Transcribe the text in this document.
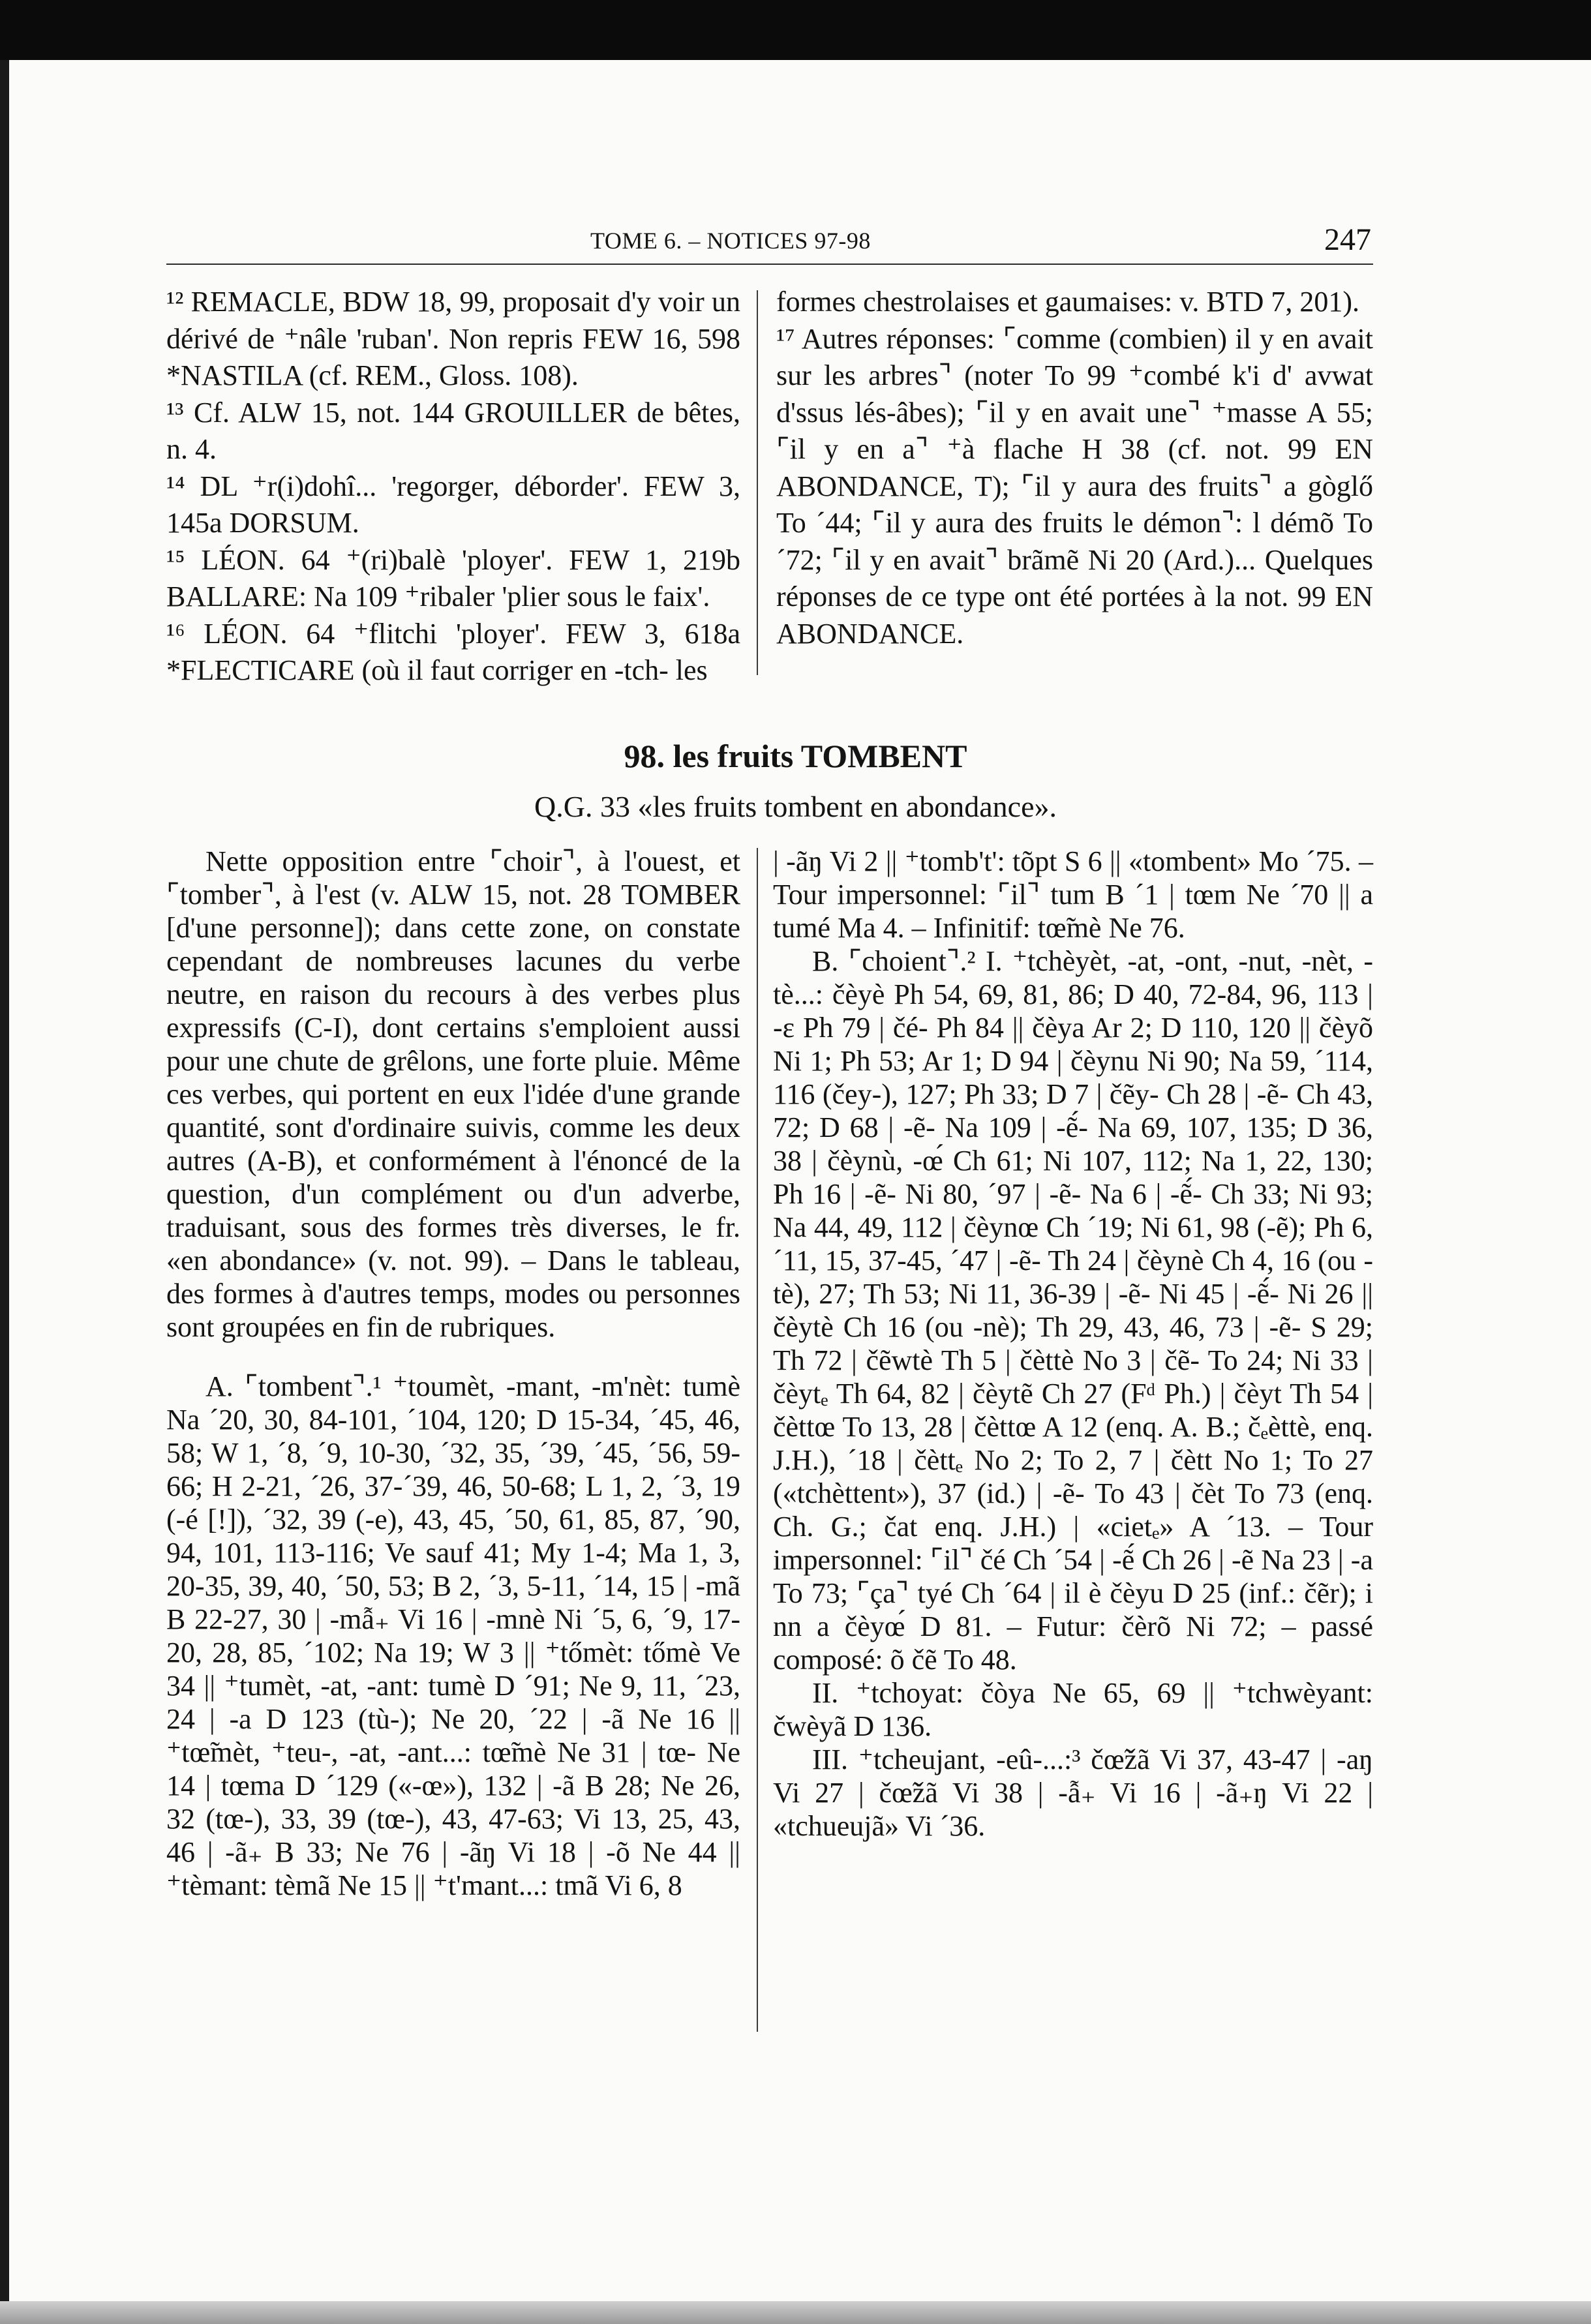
TOME 6. – NOTICES 97-98	247

¹² REMACLE, BDW 18, 99, proposait d'y voir un dérivé de ⁺nâle 'ruban'. Non repris FEW 16, 598 *NASTILA (cf. REM., Gloss. 108).

¹³ Cf. ALW 15, not. 144 GROUILLER de bêtes, n. 4.

¹⁴ DL ⁺r(i)dohî... 'regorger, déborder'. FEW 3, 145a DORSUM.

¹⁵ LÉON. 64 ⁺(ri)balè 'ployer'. FEW 1, 219b BALLARE: Na 109 ⁺ribaler 'plier sous le faix'.

¹⁶ LÉON. 64 ⁺flitchi 'ployer'. FEW 3, 618a *FLECTICARE (où il faut corriger en -tch- les

formes chestrolaises et gaumaises: v. BTD 7, 201).

¹⁷ Autres réponses: ⌜comme (combien) il y en avait sur les arbres⌝ (noter To 99 ⁺combé k'i d' avwat d'ssus lés-âbes); ⌜il y en avait une⌝ ⁺masse A 55; ⌜il y en a⌝ ⁺à flache H 38 (cf. not. 99 EN ABONDANCE, T); ⌜il y aura des fruits⌝ a gòglő To ´44; ⌜il y aura des fruits le démon⌝: l démõ To ´72; ⌜il y en avait⌝ brãmẽ Ni 20 (Ard.)... Quelques réponses de ce type ont été portées à la not. 99 EN ABONDANCE.

98. les fruits TOMBENT
Q.G. 33 «les fruits tombent en abondance».

Nette opposition entre ⌜choir⌝, à l'ouest, et ⌜tomber⌝, à l'est (v. ALW 15, not. 28 TOMBER [d'une personne]); dans cette zone, on constate cependant de nombreuses lacunes du verbe neutre, en raison du recours à des verbes plus expressifs (C-I), dont certains s'emploient aussi pour une chute de grêlons, une forte pluie. Même ces verbes, qui portent en eux l'idée d'une grande quantité, sont d'ordinaire suivis, comme les deux autres (A-B), et conformément à l'énoncé de la question, d'un complément ou d'un adverbe, traduisant, sous des formes très diverses, le fr. «en abondance» (v. not. 99). – Dans le tableau, des formes à d'autres temps, modes ou personnes sont groupées en fin de rubriques.

A. ⌜tombent⌝.¹ ⁺toumèt, -mant, -m'nèt: tumè Na ´20, 30, 84-101, ´104, 120; D 15-34, ´45, 46, 58; W 1, ´8, ´9, 10-30, ´32, 35, ´39, ´45, ´56, 59-66; H 2-21, ´26, 37-´39, 46, 50-68; L 1, 2, ´3, 19 (-é [!]), ´32, 39 (-e), 43, 45, ´50, 61, 85, 87, ´90, 94, 101, 113-116; Ve sauf 41; My 1-4; Ma 1, 3, 20-35, 39, 40, ´50, 53; B 2, ´3, 5-11, ´14, 15 | -mã B 22-27, 30 | -mẫ₊ Vi 16 | -mnè Ni ´5, 6, ´9, 17-20, 28, 85, ´102; Na 19; W 3 || ⁺tőmèt: tőmè Ve 34 || ⁺tumèt, -at, -ant: tumè D ´91; Ne 9, 11, ´23, 24 | -a D 123 (tù-); Ne 20, ´22 | -ã Ne 16 || ⁺tœ̃mèt, ⁺teu-, -at, -ant...: tœ̃mè Ne 31 | tœ- Ne 14 | tœma D ´129 («-œ»), 132 | -ã B 28; Ne 26, 32 (tœ-), 33, 39 (tœ-), 43, 47-63; Vi 13, 25, 43, 46 | -ã₊ B 33; Ne 76 | -ãŋ Vi 18 | -õ Ne 44 || ⁺tèmant: tèmã Ne 15 || ⁺t'mant...: tmã Vi 6, 8

| -ãŋ Vi 2 || ⁺tomb't': tõpt S 6 || «tombent» Mo ´75. – Tour impersonnel: ⌜il⌝ tum B ´1 | tœm Ne ´70 || a tumé Ma 4. – Infinitif: tœ̃mè Ne 76.

B. ⌜choient⌝.² I. ⁺tchèyèt, -at, -ont, -nut, -nèt, -tè...: čèyè Ph 54, 69, 81, 86; D 40, 72-84, 96, 113 | -ɛ Ph 79 | čé- Ph 84 || čèya Ar 2; D 110, 120 || čèyõ Ni 1; Ph 53; Ar 1; D 94 | čèynu Ni 90; Na 59, ´114, 116 (čey-), 127; Ph 33; D 7 | čẽy- Ch 28 | -ẽ- Ch 43, 72; D 68 | -ẽ- Na 109 | -ẽ́- Na 69, 107, 135; D 36, 38 | čèynù, -œ́ Ch 61; Ni 107, 112; Na 1, 22, 130; Ph 16 | -ẽ- Ni 80, ´97 | -ẽ- Na 6 | -ẽ́- Ch 33; Ni 93; Na 44, 49, 112 | čèynœ Ch ´19; Ni 61, 98 (-ẽ); Ph 6, ´11, 15, 37-45, ´47 | -ẽ- Th 24 | čèynè Ch 4, 16 (ou -tè), 27; Th 53; Ni 11, 36-39 | -ẽ- Ni 45 | -ẽ́- Ni 26 || čèytè Ch 16 (ou -nè); Th 29, 43, 46, 73 | -ẽ- S 29; Th 72 | čẽwtè Th 5 | čèttè No 3 | čẽ- To 24; Ni 33 | čèytₑ Th 64, 82 | čèytẽ Ch 27 (Fᵈ Ph.) | čèyt Th 54 | čèttœ To 13, 28 | čèttœ A 12 (enq. A. B.; čₑèttè, enq. J.H.), ´18 | čèttₑ No 2; To 2, 7 | čètt No 1; To 27 («tchèttent»), 37 (id.) | -ẽ- To 43 | čèt To 73 (enq. Ch. G.; čat enq. J.H.) | «cietₑ» A ´13. – Tour impersonnel: ⌜il⌝ čé Ch ´54 | -ẽ́ Ch 26 | -ẽ Na 23 | -a To 73; ⌜ça⌝ tyé Ch ´64 | il è čèyu D 25 (inf.: čẽr); i nn a čèyœ́ D 81. – Futur: čèrõ Ni 72; – passé composé: õ čẽ To 48.

II. ⁺tchoyat: čòya Ne 65, 69 || ⁺tchwèyant: čwèyã D 136.

III. ⁺tcheujant, -eû-...:³ čœ̃žã Vi 37, 43-47 | -aŋ Vi 27 | čœ̃žã Vi 38 | -ẫ₊ Vi 16 | -ã₊ŋ Vi 22 | «tchueujã» Vi ´36.
